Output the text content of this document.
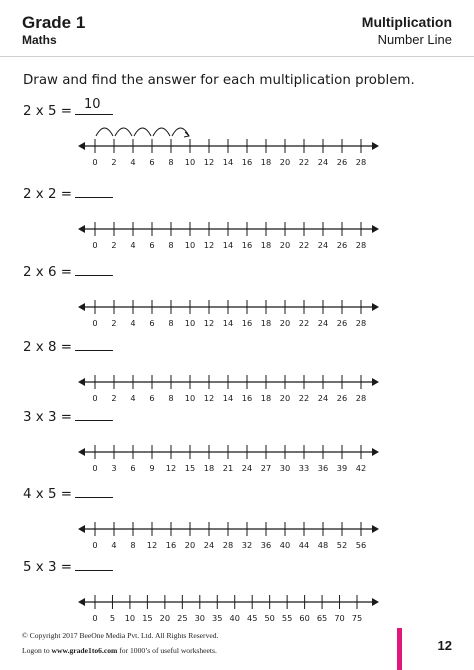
Grade 1
Maths
Multiplication
Number Line
Draw and find the answer for each multiplication problem.
2 x 5 = 10
0 2 4 6 8 10 12 14 16 18 20 22 24 26 28
2 x 2 =
0 2 4 6 8 10 12 14 16 18 20 22 24 26 28
2 x 6 =
0 2 4 6 8 10 12 14 16 18 20 22 24 26 28
2 x 8 =
0 2 4 6 8 10 12 14 16 18 20 22 24 26 28
3 x 3 =
0 3 6 9 12 15 18 21 24 27 30 33 36 39 42
4 x 5 =
0 4 8 12 16 20 24 28 32 36 40 44 48 52 56
5 x 3 =
0 5 10 15 20 25 30 35 40 45 50 55 60 65 70 75
© Copyright 2017 BeeOne Media Pvt. Ltd. All Rights Reserved.
Logon to www.grade1to6.com for 1000’s of useful worksheets.	12
